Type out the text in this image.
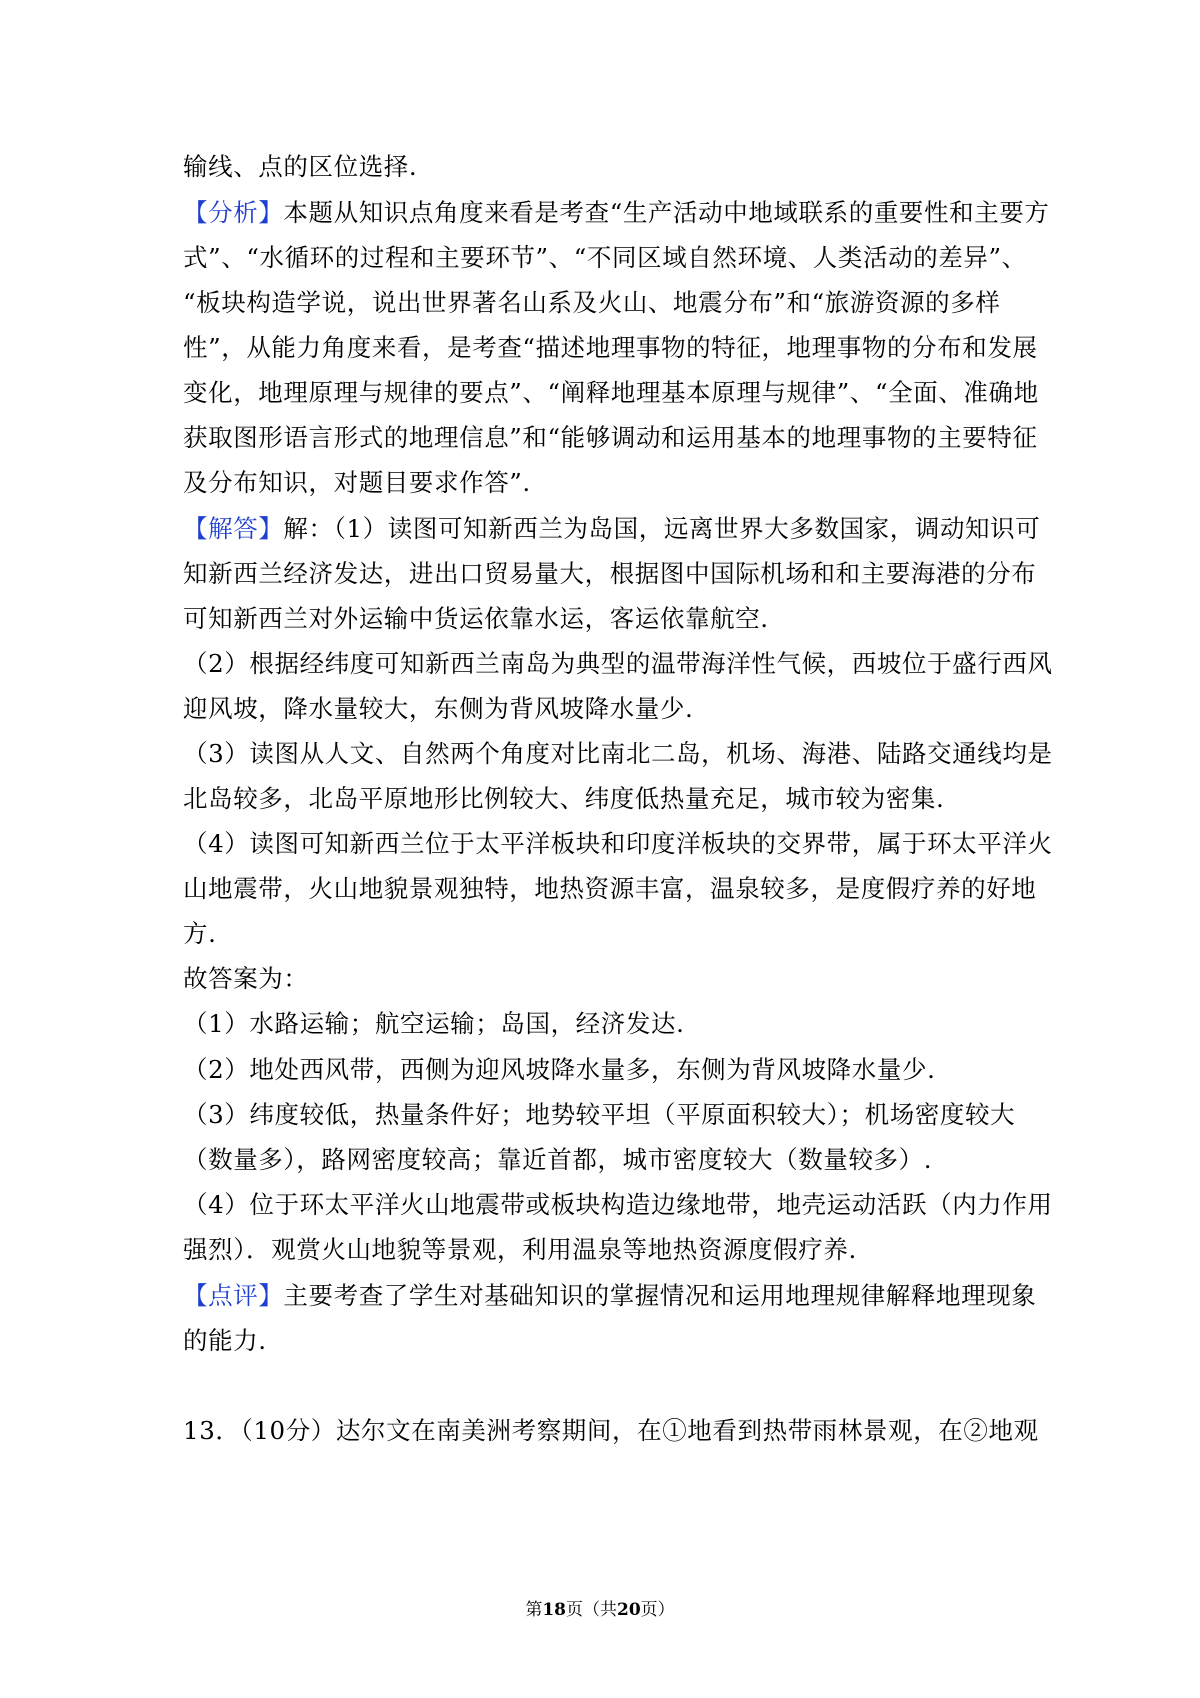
输线、点的区位选择.
【分析】本题从知识点角度来看是考查“生产活动中地域联系的重要性和主要方
式”、“水循环的过程和主要环节”、“不同区域自然环境、人类活动的差异”、
“板块构造学说，说出世界著名山系及火山、地震分布”和“旅游资源的多样
性”，从能力角度来看，是考查“描述地理事物的特征，地理事物的分布和发展
变化，地理原理与规律的要点”、“阐释地理基本原理与规律”、“全面、准确地
获取图形语言形式的地理信息”和“能够调动和运用基本的地理事物的主要特征
及分布知识，对题目要求作答”.
【解答】解：（1）读图可知新西兰为岛国，远离世界大多数国家，调动知识可
知新西兰经济发达，进出口贸易量大，根据图中国际机场和和主要海港的分布
可知新西兰对外运输中货运依靠水运，客运依靠航空.
（2）根据经纬度可知新西兰南岛为典型的温带海洋性气候，西坡位于盛行西风
迎风坡，降水量较大，东侧为背风坡降水量少.
（3）读图从人文、自然两个角度对比南北二岛，机场、海港、陆路交通线均是
北岛较多，北岛平原地形比例较大、纬度低热量充足，城市较为密集.
（4）读图可知新西兰位于太平洋板块和印度洋板块的交界带，属于环太平洋火
山地震带，火山地貌景观独特，地热资源丰富，温泉较多，是度假疗养的好地
方.
故答案为：
（1）水路运输；航空运输；岛国，经济发达.
（2）地处西风带，西侧为迎风坡降水量多，东侧为背风坡降水量少.
（3）纬度较低，热量条件好；地势较平坦（平原面积较大）；机场密度较大
（数量多），路网密度较高；靠近首都，城市密度较大（数量较多）.
（4）位于环太平洋火山地震带或板块构造边缘地带，地壳运动活跃（内力作用
强烈）．观赏火山地貌等景观，利用温泉等地热资源度假疗养.
【点评】主要考查了学生对基础知识的掌握情况和运用地理规律解释地理现象
的能力.
13．（10分）达尔文在南美洲考察期间，在①地看到热带雨林景观，在②地观
第18页（共20页）
